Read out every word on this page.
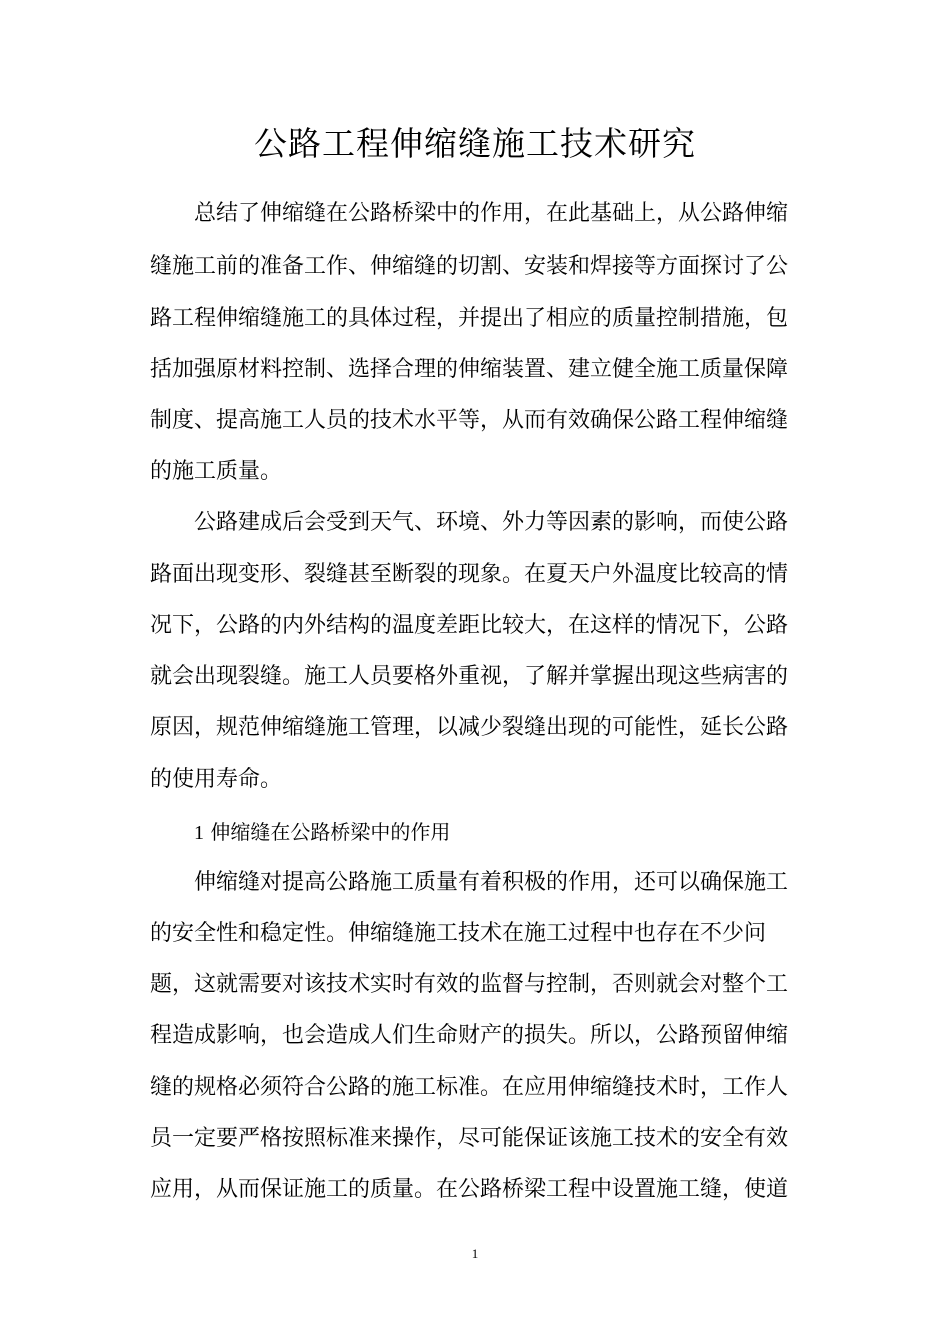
公路工程伸缩缝施工技术研究
总结了伸缩缝在公路桥梁中的作用，在此基础上，从公路伸缩
缝施工前的准备工作、伸缩缝的切割、安装和焊接等方面探讨了公
路工程伸缩缝施工的具体过程，并提出了相应的质量控制措施，包
括加强原材料控制、选择合理的伸缩装置、建立健全施工质量保障
制度、提高施工人员的技术水平等，从而有效确保公路工程伸缩缝
的施工质量。
公路建成后会受到天气、环境、外力等因素的影响，而使公路
路面出现变形、裂缝甚至断裂的现象。在夏天户外温度比较高的情
况下，公路的内外结构的温度差距比较大，在这样的情况下，公路
就会出现裂缝。施工人员要格外重视，了解并掌握出现这些病害的
原因，规范伸缩缝施工管理，以减少裂缝出现的可能性，延长公路
的使用寿命。
1 伸缩缝在公路桥梁中的作用
伸缩缝对提高公路施工质量有着积极的作用，还可以确保施工
的安全性和稳定性。伸缩缝施工技术在施工过程中也存在不少问
题，这就需要对该技术实时有效的监督与控制，否则就会对整个工
程造成影响，也会造成人们生命财产的损失。所以，公路预留伸缩
缝的规格必须符合公路的施工标准。在应用伸缩缝技术时，工作人
员一定要严格按照标准来操作，尽可能保证该施工技术的安全有效
应用，从而保证施工的质量。在公路桥梁工程中设置施工缝，使道
1
